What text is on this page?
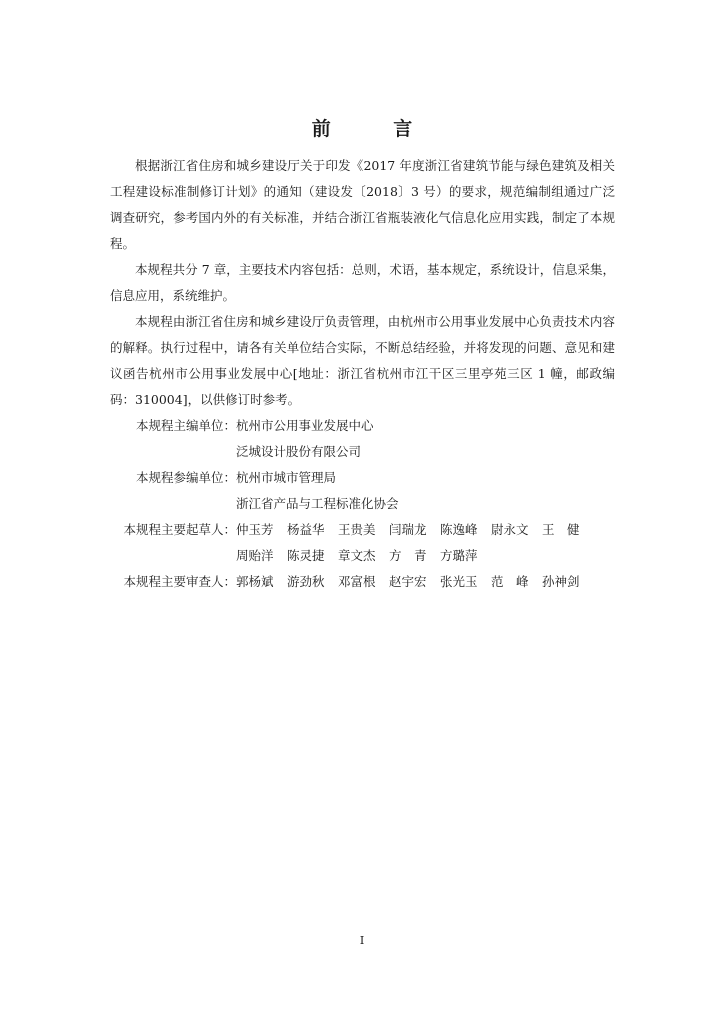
前 言

根据浙江省住房和城乡建设厅关于印发《2017 年度浙江省建筑节能与绿色建筑及相关工程建设标准制修订计划》的通知（建设发〔2018〕3 号）的要求，规范编制组通过广泛调查研究，参考国内外的有关标准，并结合浙江省瓶装液化气信息化应用实践，制定了本规程。

本规程共分 7 章，主要技术内容包括：总则，术语，基本规定，系统设计，信息采集，信息应用，系统维护。

本规程由浙江省住房和城乡建设厅负责管理，由杭州市公用事业发展中心负责技术内容的解释。执行过程中，请各有关单位结合实际，不断总结经验，并将发现的问题、意见和建议函告杭州市公用事业发展中心[地址：浙江省杭州市江干区三里亭苑三区 1 幢，邮政编码：310004]，以供修订时参考。

本规程主编单位： 杭州市公用事业发展中心
泛城设计股份有限公司
本规程参编单位： 杭州市城市管理局
浙江省产品与工程标准化协会
本规程主要起草人： 仲玉芳	杨益华	王贵美	闫瑞龙	陈逸峰	尉永文	王　健
周贻洋	陈灵捷	章文杰	方　青	方璐萍
本规程主要审查人： 郭杨斌	游劲秋	邓富根	赵宇宏	张光玉	范　峰	孙神剑
I
